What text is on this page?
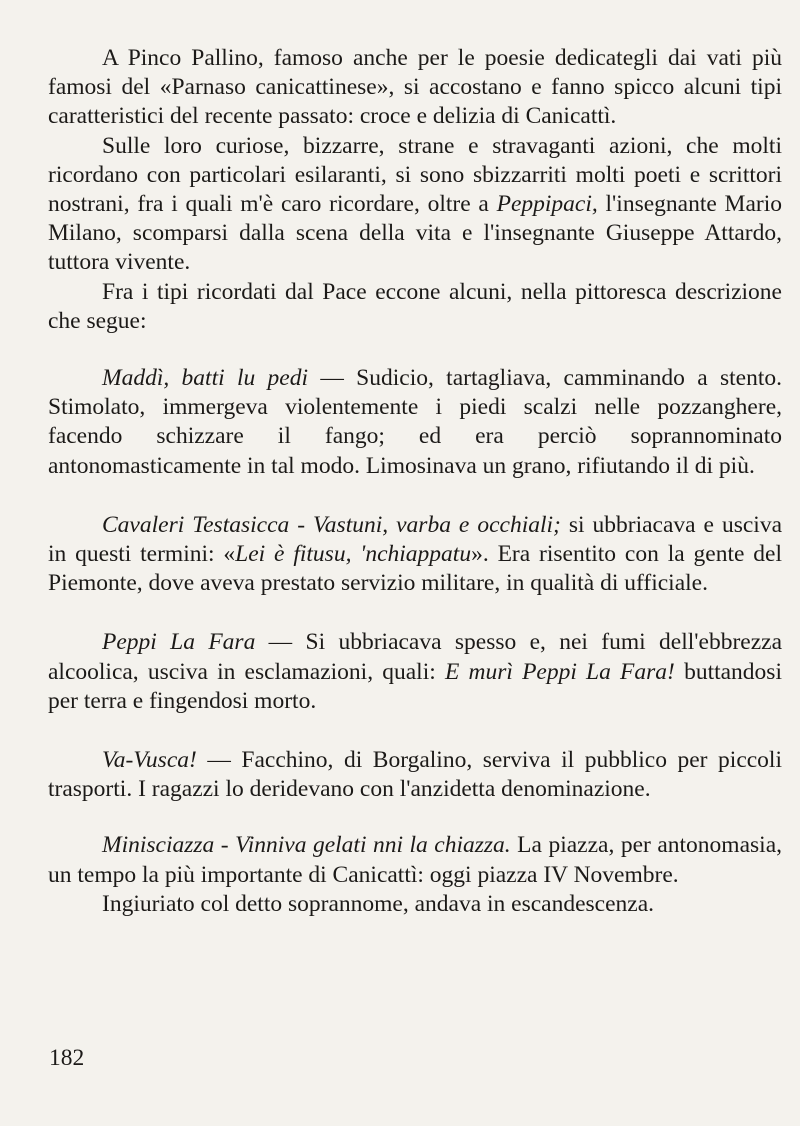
A Pinco Pallino, famoso anche per le poesie dedicategli dai vati più famosi del «Parnaso canicattinese», si accostano e fanno spicco alcuni tipi caratteristici del recente passato: croce e delizia di Canicattì.

Sulle loro curiose, bizzarre, strane e stravaganti azioni, che molti ricordano con particolari esilaranti, si sono sbizzarriti molti poeti e scrittori nostrani, fra i quali m'è caro ricordare, oltre a Peppipaci, l'insegnante Mario Milano, scomparsi dalla scena della vita e l'insegnante Giuseppe Attardo, tuttora vivente.

Fra i tipi ricordati dal Pace eccone alcuni, nella pittoresca descrizione che segue:

Maddì, batti lu pedi — Sudicio, tartagliava, camminando a stento. Stimolato, immergeva violentemente i piedi scalzi nelle pozzanghere, facendo schizzare il fango; ed era perciò soprannominato antonomasticamente in tal modo. Limosinava un grano, rifiutando il di più.

Cavaleri Testasicca - Vastuni, varba e occhiali; si ubbriacava e usciva in questi termini: «Lei è fitusu, 'nchiappatu». Era risentito con la gente del Piemonte, dove aveva prestato servizio militare, in qualità di ufficiale.

Peppi La Fara — Si ubbriacava spesso e, nei fumi dell'ebbrezza alcoolica, usciva in esclamazioni, quali: E murì Peppi La Fara! buttandosi per terra e fingendosi morto.

Va-Vusca! — Facchino, di Borgalino, serviva il pubblico per piccoli trasporti. I ragazzi lo deridevano con l'anzidetta denominazione.

Minisciazza - Vinniva gelati nni la chiazza. La piazza, per antonomasia, un tempo la più importante di Canicattì: oggi piazza IV Novembre.

Ingiuriato col detto soprannome, andava in escandescenza.

182
